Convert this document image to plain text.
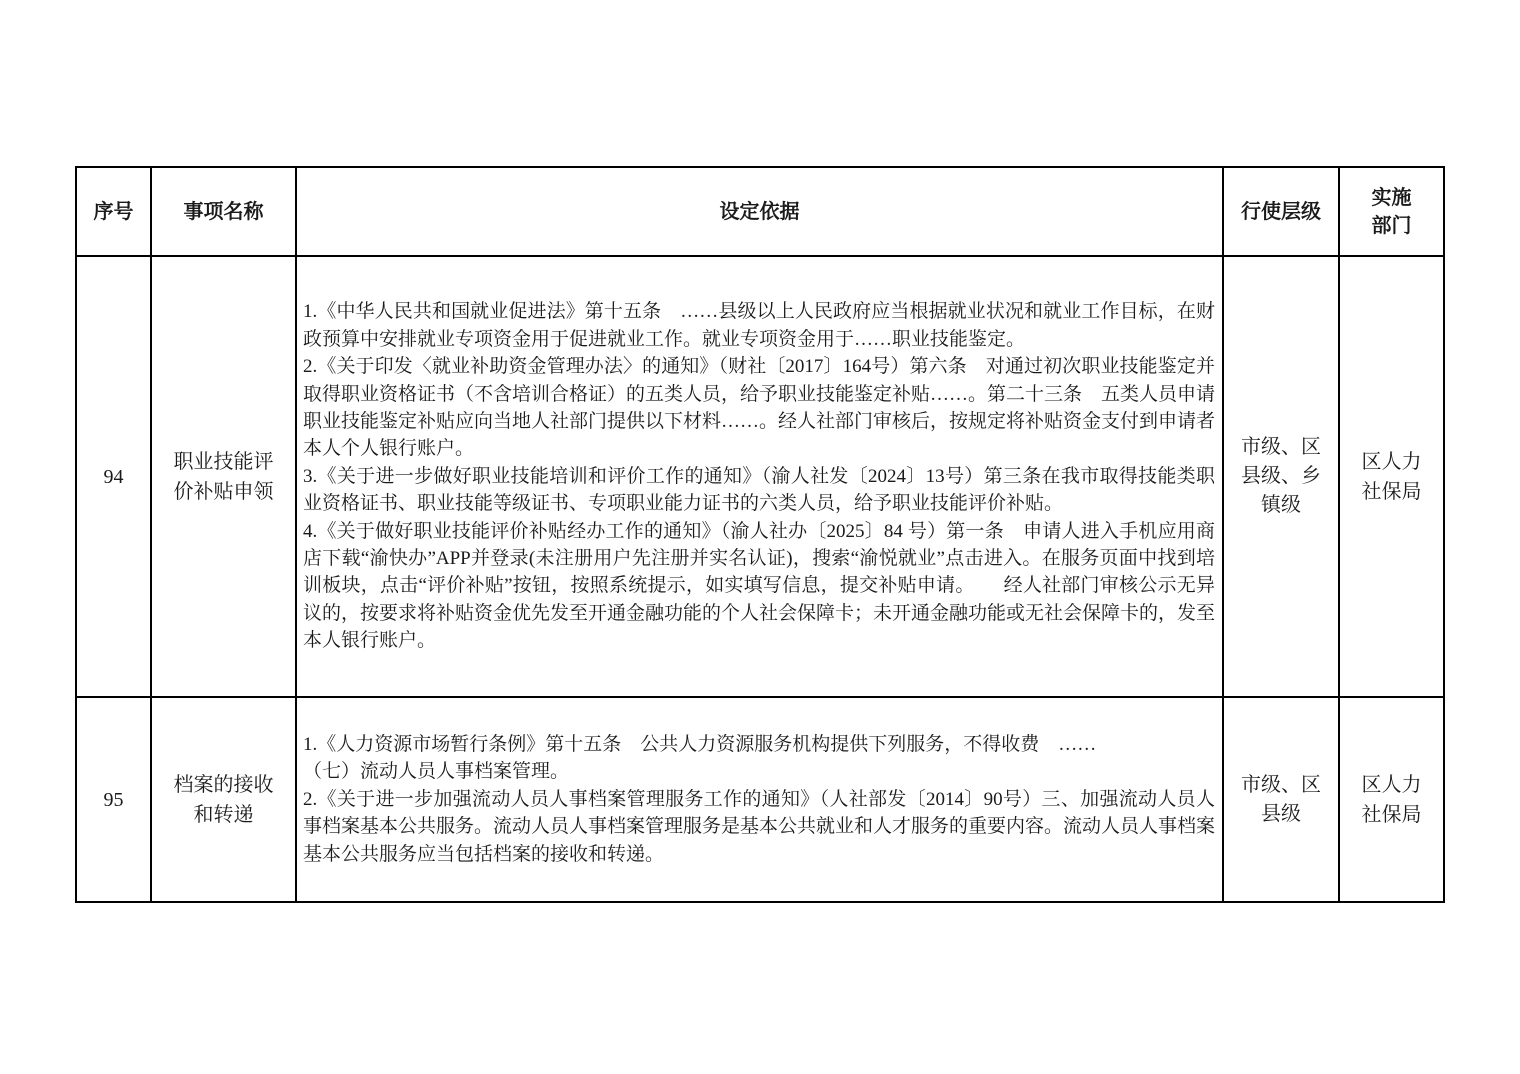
序号	事项名称	设定依据	行使层级	实施部门

94	职业技能评价补贴申领	1.《中华人民共和国就业促进法》第十五条　……县级以上人民政府应当根据就业状况和就业工作目标，在财政预算中安排就业专项资金用于促进就业工作。就业专项资金用于……职业技能鉴定。
2.《关于印发〈就业补助资金管理办法〉的通知》（财社〔2017〕164号）第六条　对通过初次职业技能鉴定并取得职业资格证书（不含培训合格证）的五类人员，给予职业技能鉴定补贴……。第二十三条　五类人员申请职业技能鉴定补贴应向当地人社部门提供以下材料……。经人社部门审核后，按规定将补贴资金支付到申请者本人个人银行账户。
3.《关于进一步做好职业技能培训和评价工作的通知》（渝人社发〔2024〕13号）第三条在我市取得技能类职业资格证书、职业技能等级证书、专项职业能力证书的六类人员，给予职业技能评价补贴。
4.《关于做好职业技能评价补贴经办工作的通知》（渝人社办〔2025〕84 号）第一条　申请人进入手机应用商店下载“渝快办”APP并登录(未注册用户先注册并实名认证)，搜索“渝悦就业”点击进入。在服务页面中找到培训板块，点击“评价补贴”按钮，按照系统提示，如实填写信息，提交补贴申请。　　经人社部门审核公示无异议的，按要求将补贴资金优先发至开通金融功能的个人社会保障卡；未开通金融功能或无社会保障卡的，发至本人银行账户。	市级、区县级、乡镇级	区人力社保局
95	档案的接收和转递	1.《人力资源市场暂行条例》第十五条　公共人力资源服务机构提供下列服务，不得收费　……
（七）流动人员人事档案管理。
2.《关于进一步加强流动人员人事档案管理服务工作的通知》（人社部发〔2014〕90号）三、加强流动人员人事档案基本公共服务。流动人员人事档案管理服务是基本公共就业和人才服务的重要内容。流动人员人事档案基本公共服务应当包括档案的接收和转递。	市级、区县级	区人力社保局
